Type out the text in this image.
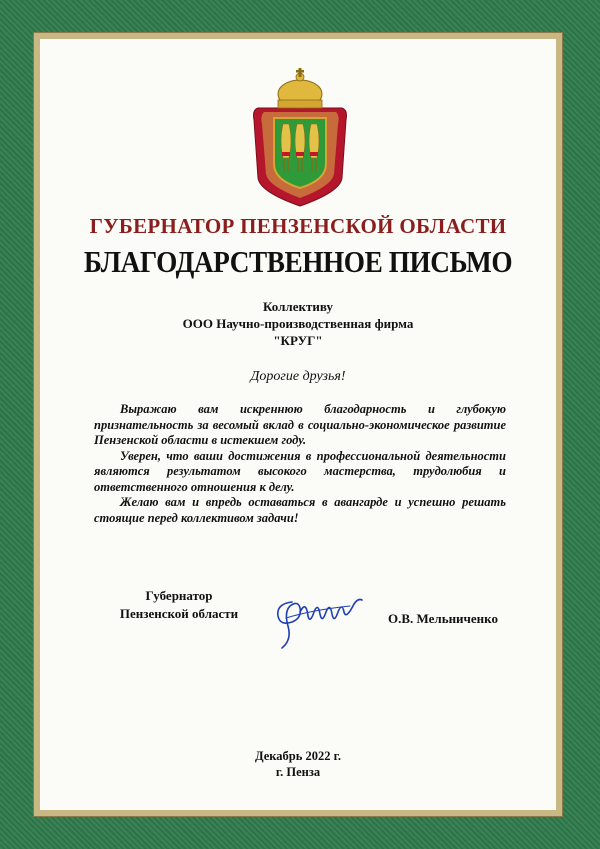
ГУБЕРНАТОР ПЕНЗЕНСКОЙ ОБЛАСТИ
БЛАГОДАРСТВЕННОЕ ПИСЬМО
Коллективу
ООО Научно-производственная фирма
"КРУГ"
Дорогие друзья!

Выражаю вам искреннюю благодарность и глубокую признательность за весомый вклад в социально-экономическое развитие Пензенской области в истекшем году.

Уверен, что ваши достижения в профессиональной деятельности являются результатом высокого мастерства, трудолюбия и ответственного отношения к делу.

Желаю вам и впредь оставаться в авангарде и успешно решать стоящие перед коллективом задачи!

Губернатор
Пензенской области	О.В. Мельниченко
Декабрь 2022 г.
г. Пенза
